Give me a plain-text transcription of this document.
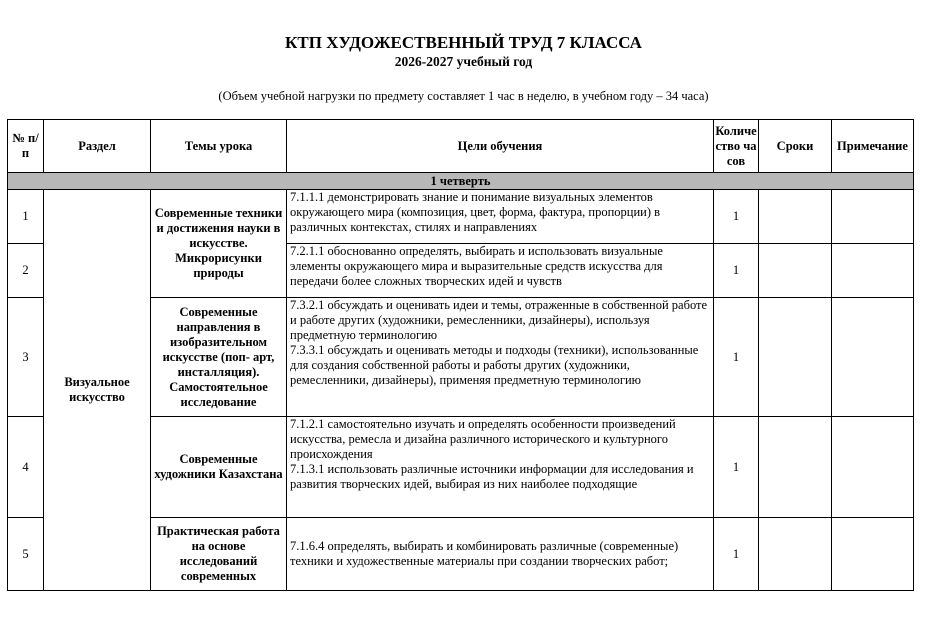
КТП ХУДОЖЕСТВЕННЫЙ ТРУД 7 КЛАССА
2026-2027 учебный год
(Объем учебной нагрузки по предмету составляет 1 час в неделю, в учебном году – 34 часа)
№ п/п	Раздел	Темы урока	Цели обучения	Количество часов	Сроки	Примечание
1 четверть						
1	Визуальное искусство	Современные техники и достижения науки в искусстве. Микрорисунки природы	7.1.1.1 демонстрировать знание и понимание визуальных элементов окружающего мира (композиция, цвет, форма, фактура, пропорции) в различных контекстах, стилях и направлениях	1		
2			7.2.1.1 обоснованно определять, выбирать и использовать визуальные элементы окружающего мира и выразительные средств искусства для передачи более сложных творческих идей и чувств	1		
3		Современные направления в изобразительном искусстве (поп- арт, инсталляция). Самостоятельное исследование	7.3.2.1 обсуждать и оценивать идеи и темы, отраженные в собственной работе и работе других (художники, ремесленники, дизайнеры), используя предметную терминологию
7.3.3.1 обсуждать и оценивать методы и подходы (техники), использованные для создания собственной работы и работы других (художники, ремесленники, дизайнеры), применяя предметную терминологию	1		
4		Современные художники Казахстана	7.1.2.1 самостоятельно изучать и определять особенности произведений искусства, ремесла и дизайна различного исторического и культурного происхождения
7.1.3.1 использовать различные источники информации для исследования и развития творческих идей, выбирая из них наиболее подходящие	1		
5		Практическая работа на основе исследований современных	7.1.6.4 определять, выбирать и комбинировать различные (современные) техники и художественные материалы при создании творческих работ;	1		
